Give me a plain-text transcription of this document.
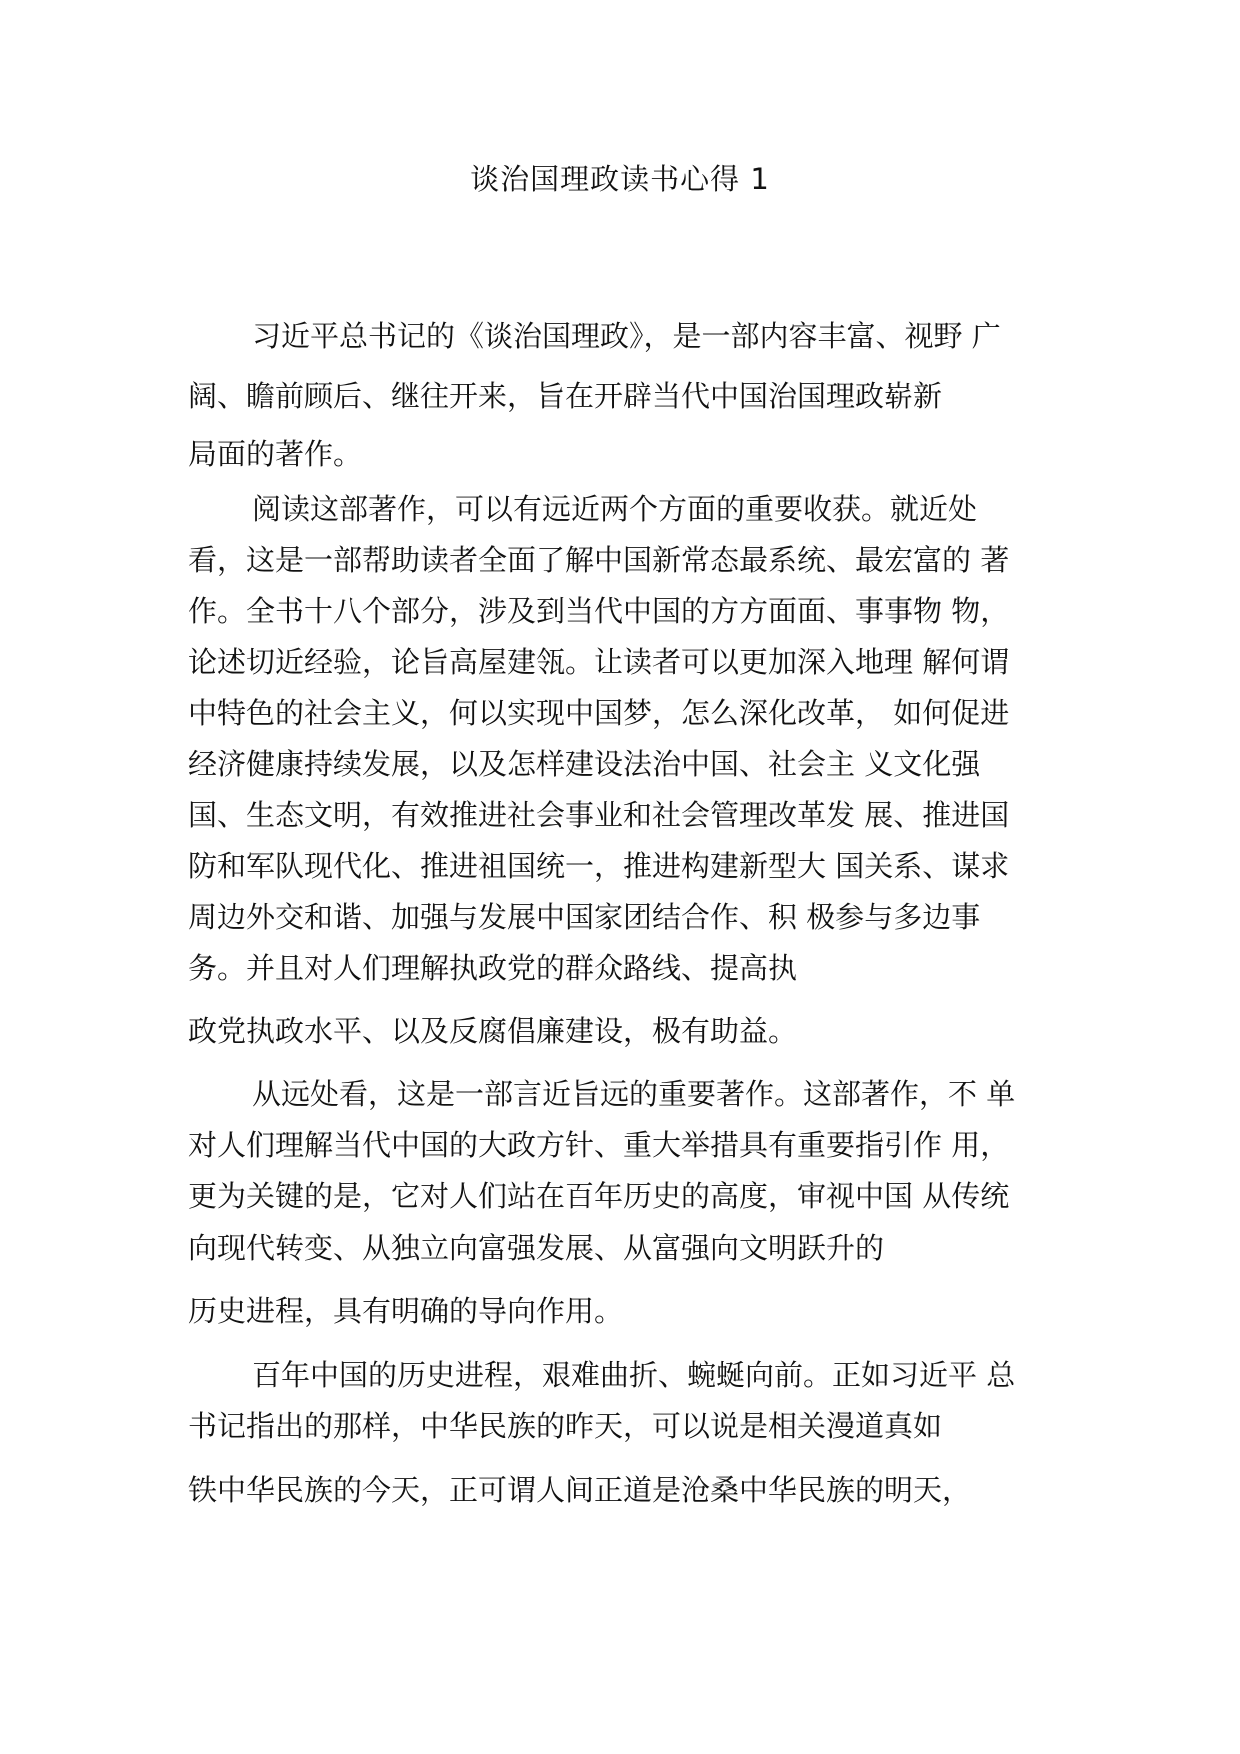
谈治国理政读书心得 1
习近平总书记的《谈治国理政》，是一部内容丰富、视野 广
阔、瞻前顾后、继往开来，旨在开辟当代中国治国理政崭新
局面的著作。
阅读这部著作，可以有远近两个方面的重要收获。就近处
看，这是一部帮助读者全面了解中国新常态最系统、最宏富的 著
作。全书十八个部分，涉及到当代中国的方方面面、事事物 物，
论述切近经验，论旨高屋建瓴。让读者可以更加深入地理 解何谓
中特色的社会主义，何以实现中国梦，怎么深化改革， 如何促进
经济健康持续发展，以及怎样建设法治中国、社会主 义文化强
国、生态文明，有效推进社会事业和社会管理改革发 展、推进国
防和军队现代化、推进祖国统一，推进构建新型大 国关系、谋求
周边外交和谐、加强与发展中国家团结合作、积 极参与多边事
务。并且对人们理解执政党的群众路线、提高执
政党执政水平、以及反腐倡廉建设，极有助益。
从远处看，这是一部言近旨远的重要著作。这部著作，不 单
对人们理解当代中国的大政方针、重大举措具有重要指引作 用，
更为关键的是，它对人们站在百年历史的高度，审视中国 从传统
向现代转变、从独立向富强发展、从富强向文明跃升的
历史进程，具有明确的导向作用。
百年中国的历史进程，艰难曲折、蜿蜒向前。正如习近平 总
书记指出的那样，中华民族的昨天，可以说是相关漫道真如
铁中华民族的今天，正可谓人间正道是沧桑中华民族的明天，
